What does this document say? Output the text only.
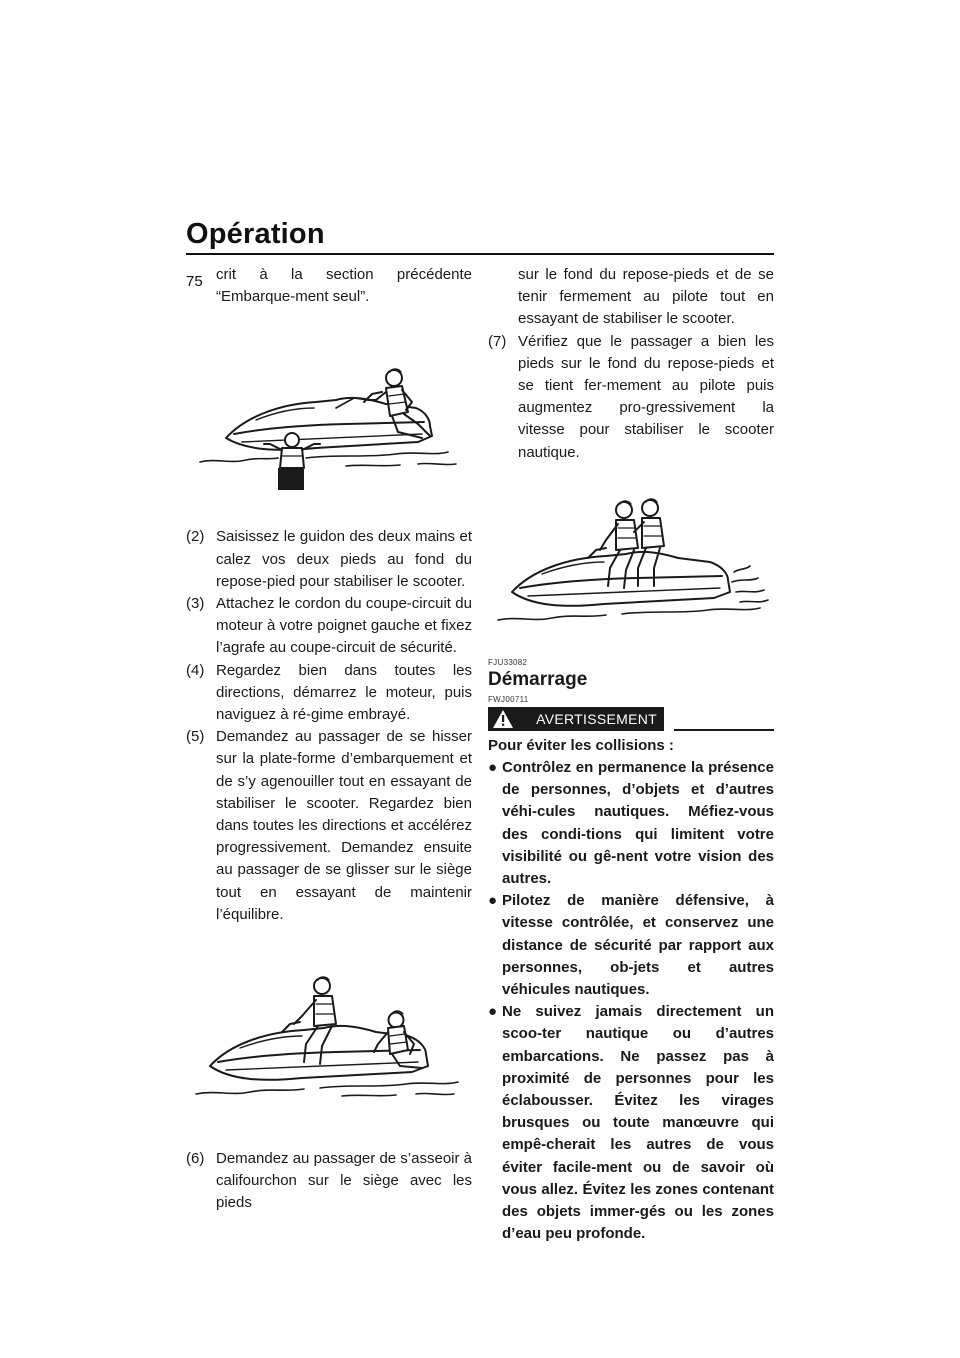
Opération
75 crit à la section précédente “Embarque-ment seul”.

(2) Saisissez le guidon des deux mains et calez vos deux pieds au fond du repose-pied pour stabiliser le scooter.
(3) Attachez le cordon du coupe-circuit du moteur à votre poignet gauche et fixez l’agrafe au coupe-circuit de sécurité.
(4) Regardez bien dans toutes les directions, démarrez le moteur, puis naviguez à ré-gime embrayé.
(5) Demandez au passager de se hisser sur la plate-forme d’embarquement et de s’y agenouiller tout en essayant de stabiliser le scooter. Regardez bien dans toutes les directions et accélérez progressivement. Demandez ensuite au passager de se glisser sur le siège tout en essayant de maintenir l’équilibre.
(6) Demandez au passager de s’asseoir à califourchon sur le siège avec les pieds

sur le fond du repose-pieds et de se tenir fermement au pilote tout en essayant de stabiliser le scooter.

(7) Vérifiez que le passager a bien les pieds sur le fond du repose-pieds et se tient fer-mement au pilote puis augmentez pro-gressivement la vitesse pour stabiliser le scooter nautique.
FJU33082
Démarrage
FWJ00711
AVERTISSEMENT

Pour éviter les collisions :

● Contrôlez en permanence la présence de personnes, d’objets et d’autres véhi-cules nautiques. Méfiez-vous des condi-tions qui limitent votre visibilité ou gê-nent votre vision des autres.
● Pilotez de manière défensive, à vitesse contrôlée, et conservez une distance de sécurité par rapport aux personnes, ob-jets et autres véhicules nautiques.
● Ne suivez jamais directement un scoo-ter nautique ou d’autres embarcations. Ne passez pas à proximité de personnes pour les éclabousser. Évitez les virages brusques ou toute manœuvre qui empê-cherait les autres de vous éviter facile-ment ou de savoir où vous allez. Évitez les zones contenant des objets immer-gés ou les zones d’eau peu profonde.
